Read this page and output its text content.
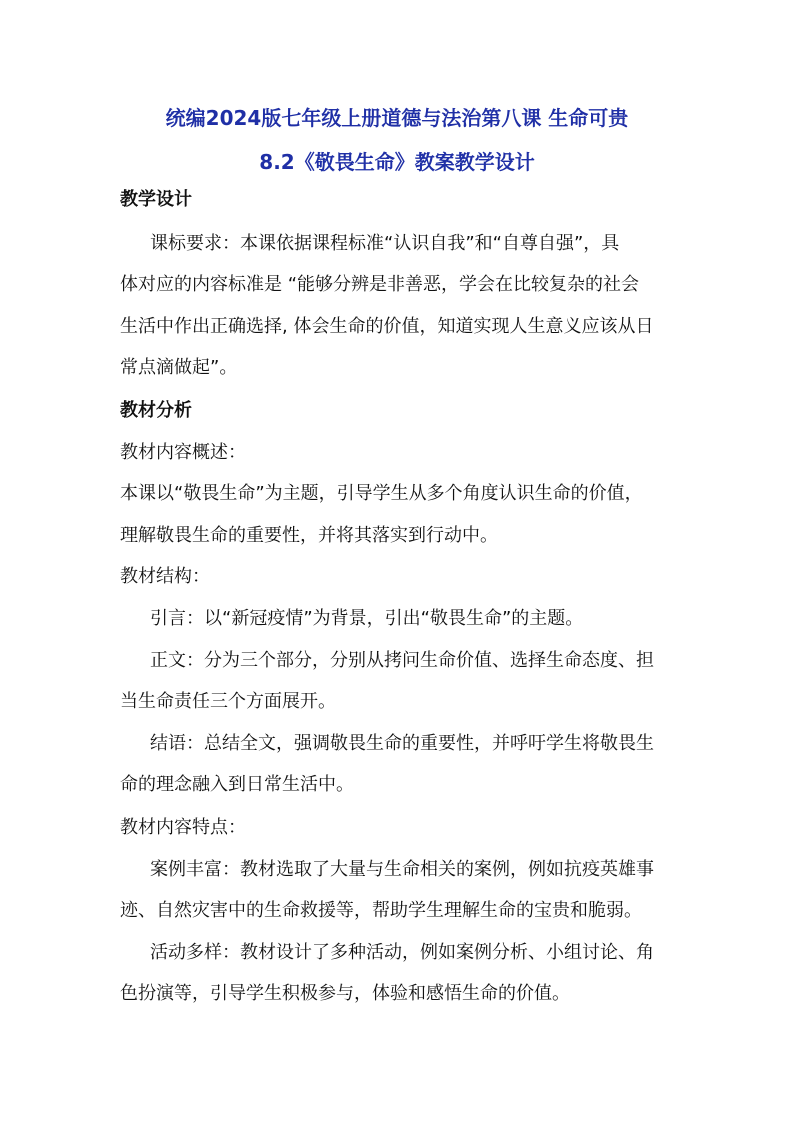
统编2024版七年级上册道德与法治第八课 生命可贵
8.2《敬畏生命》教案教学设计
教学设计
课标要求：本课依据课程标准“认识自我”和“自尊自强”，具
体对应的内容标准是 “能够分辨是非善恶，学会在比较复杂的社会
生活中作出正确选择, 体会生命的价值，知道实现人生意义应该从日
常点滴做起”。
教材分析
教材内容概述：
本课以“敬畏生命”为主题，引导学生从多个角度认识生命的价值，
理解敬畏生命的重要性，并将其落实到行动中。
教材结构：
引言：以“新冠疫情”为背景，引出“敬畏生命”的主题。
正文：分为三个部分，分别从拷问生命价值、选择生命态度、担
当生命责任三个方面展开。
结语：总结全文，强调敬畏生命的重要性，并呼吁学生将敬畏生
命的理念融入到日常生活中。
教材内容特点：
案例丰富：教材选取了大量与生命相关的案例，例如抗疫英雄事
迹、自然灾害中的生命救援等，帮助学生理解生命的宝贵和脆弱。
活动多样：教材设计了多种活动，例如案例分析、小组讨论、角
色扮演等，引导学生积极参与，体验和感悟生命的价值。
